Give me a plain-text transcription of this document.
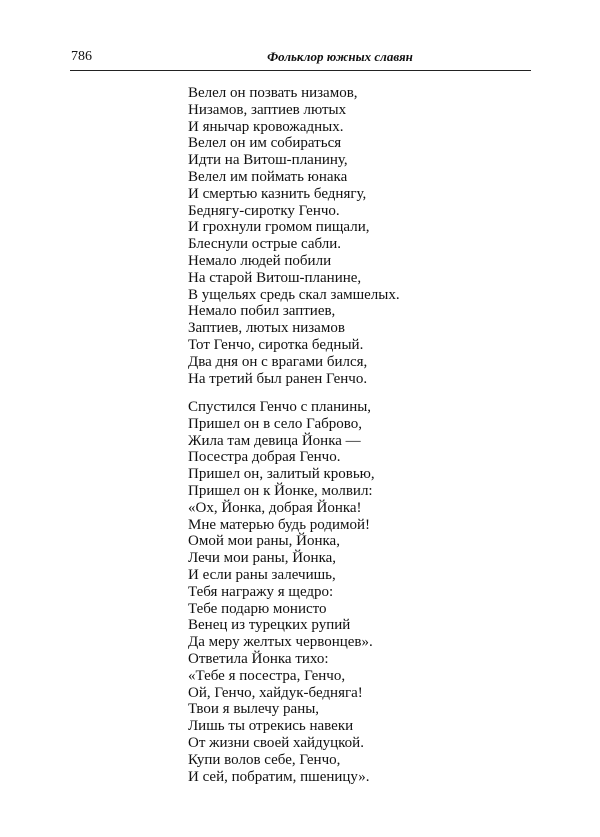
786	Фольклор южных славян
Велел он позвать низамов,
Низамов, заптиев лютых
И янычар кровожадных.
Велел он им собираться
Идти на Витош-планину,
Велел им поймать юнака
И смертью казнить беднягу,
Беднягу-сиротку Генчо.
И грохнули громом пищали,
Блеснули острые сабли.
Немало людей побили
На старой Витош-планине,
В ущельях средь скал замшелых.
Немало побил заптиев,
Заптиев, лютых низамов
Тот Генчо, сиротка бедный.
Два дня он с врагами бился,
На третий был ранен Генчо.
Спустился Генчо с планины,
Пришел он в село Габрово,
Жила там девица Йонка —
Посестра добрая Генчо.
Пришел он, залитый кровью,
Пришел он к Йонке, молвил:
«Ох, Йонка, добрая Йонка!
Мне матерью будь родимой!
Омой мои раны, Йонка,
Лечи мои раны, Йонка,
И если раны залечишь,
Тебя награжу я щедро:
Тебе подарю монисто
Венец из турецких рупий
Да меру желтых червонцев».
Ответила Йонка тихо:
«Тебе я посестра, Генчо,
Ой, Генчо, хайдук-бедняга!
Твои я вылечу раны,
Лишь ты отрекись навеки
От жизни своей хайдуцкой.
Купи волов себе, Генчо,
И сей, побратим, пшеницу».
